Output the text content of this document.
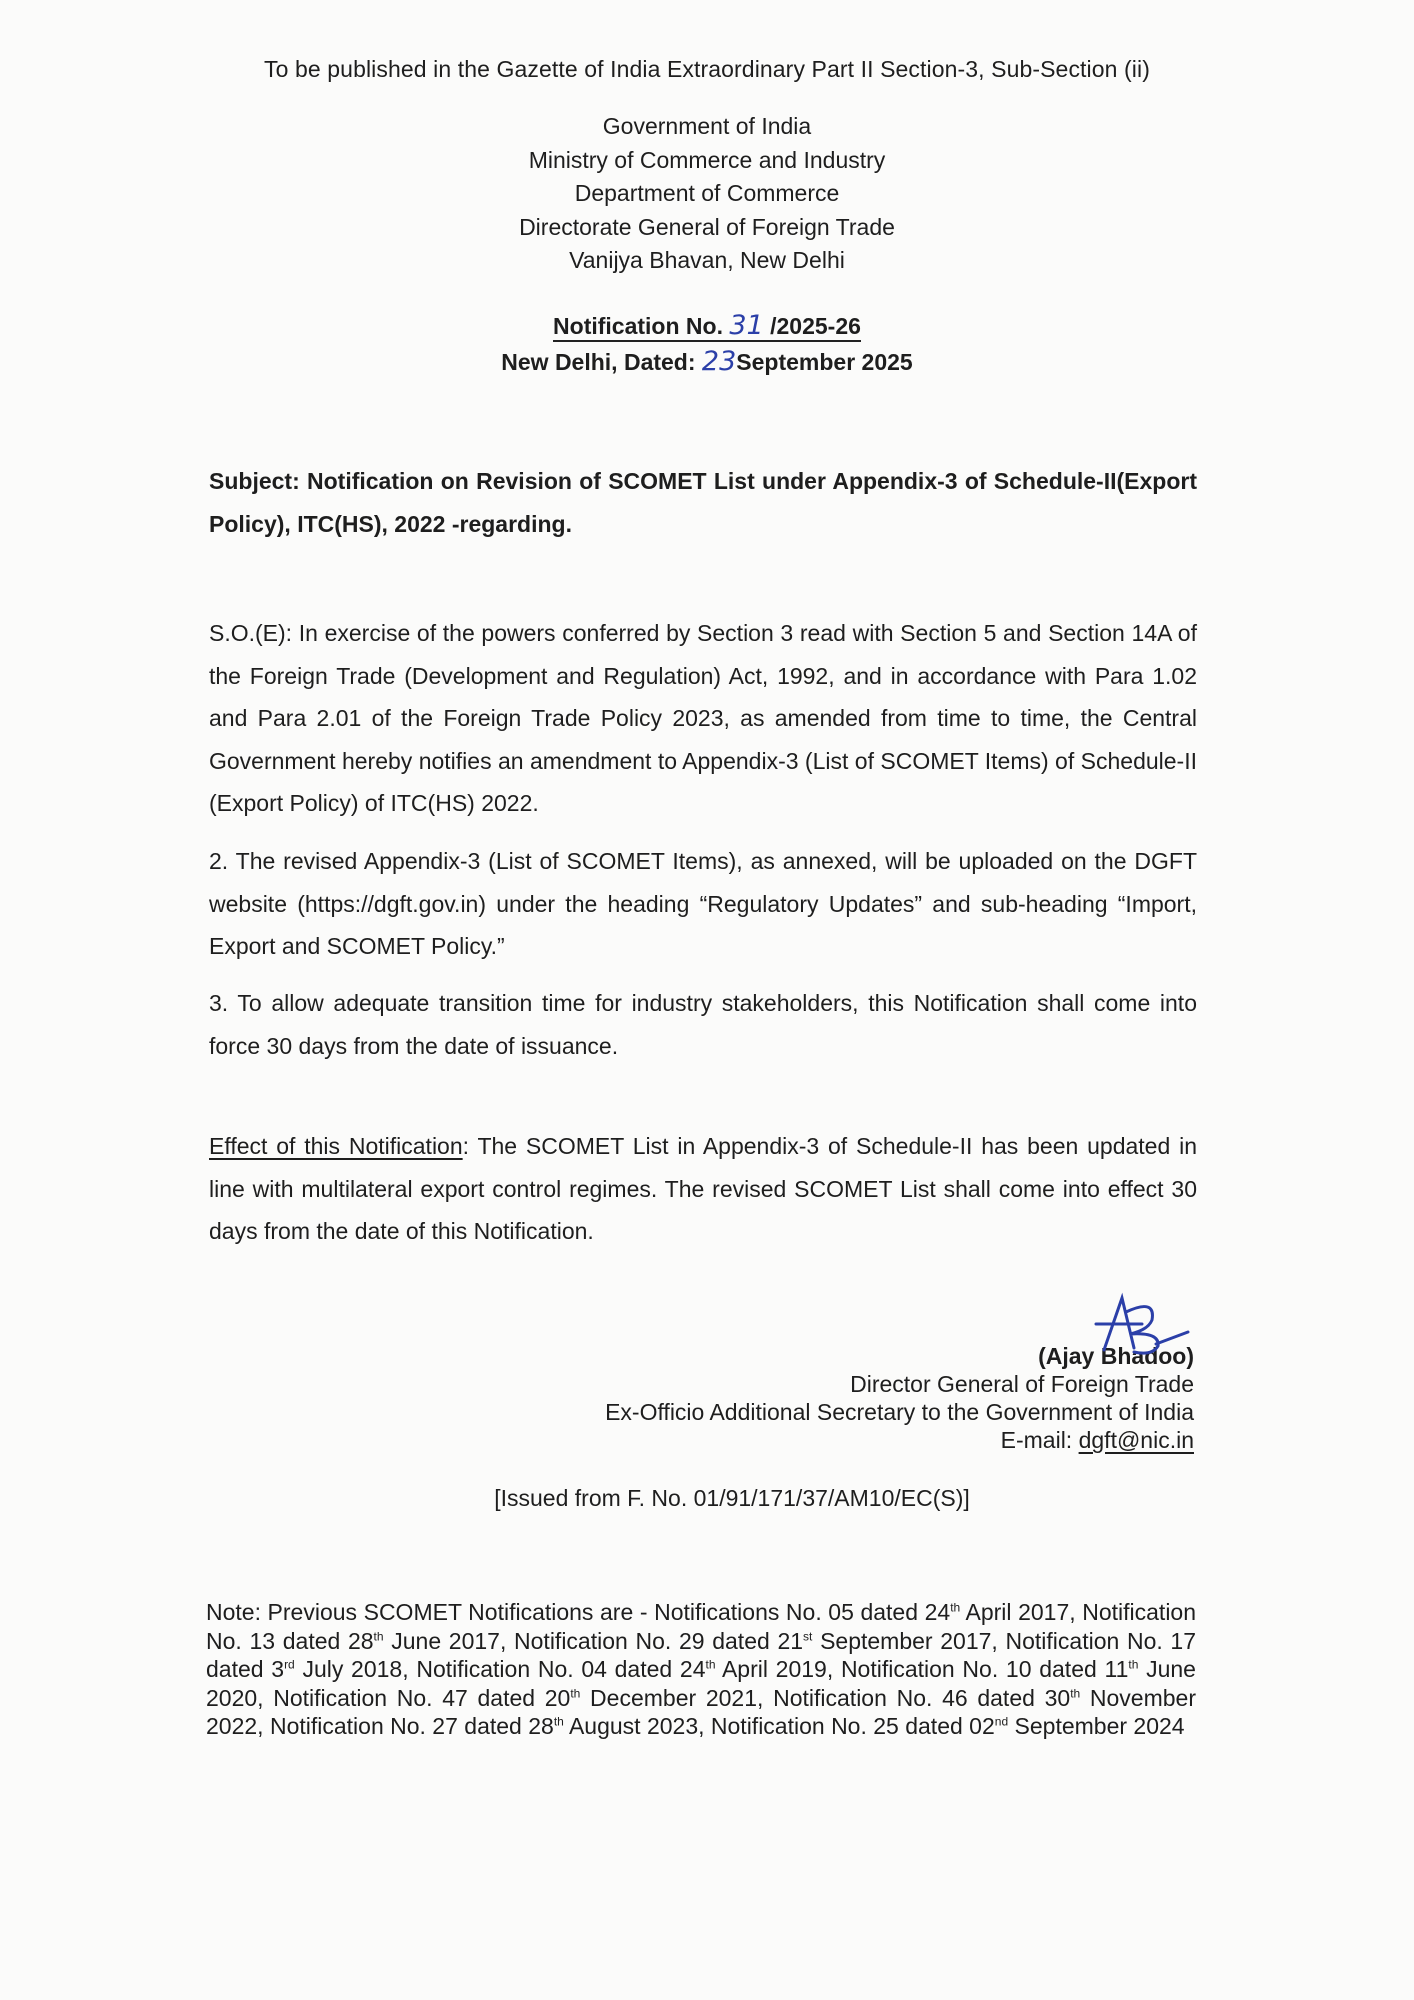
To be published in the Gazette of India Extraordinary Part II Section-3, Sub-Section (ii)
Government of India
Ministry of Commerce and Industry
Department of Commerce
Directorate General of Foreign Trade
Vanijya Bhavan, New Delhi
Notification No. 31 /2025-26
New Delhi, Dated: 23September 2025
Subject: Notification on Revision of SCOMET List under Appendix-3 of Schedule-II(Export Policy), ITC(HS), 2022 -regarding.
S.O.(E): In exercise of the powers conferred by Section 3 read with Section 5 and Section 14A of the Foreign Trade (Development and Regulation) Act, 1992, and in accordance with Para 1.02 and Para 2.01 of the Foreign Trade Policy 2023, as amended from time to time, the Central Government hereby notifies an amendment to Appendix-3 (List of SCOMET Items) of Schedule-II (Export Policy) of ITC(HS) 2022.
2. The revised Appendix-3 (List of SCOMET Items), as annexed, will be uploaded on the DGFT website (https://dgft.gov.in) under the heading “Regulatory Updates” and sub-heading “Import, Export and SCOMET Policy.”
3. To allow adequate transition time for industry stakeholders, this Notification shall come into force 30 days from the date of issuance.
Effect of this Notification: The SCOMET List in Appendix-3 of Schedule-II has been updated in line with multilateral export control regimes. The revised SCOMET List shall come into effect 30 days from the date of this Notification.
(Ajay Bhadoo)
Director General of Foreign Trade
Ex-Officio Additional Secretary to the Government of India
E-mail: dgft@nic.in
[Issued from F. No. 01/91/171/37/AM10/EC(S)]
Note: Previous SCOMET Notifications are - Notifications No. 05 dated 24th April 2017, Notification No. 13 dated 28th June 2017, Notification No. 29 dated 21st September 2017, Notification No. 17 dated 3rd July 2018, Notification No. 04 dated 24th April 2019, Notification No. 10 dated 11th June 2020, Notification No. 47 dated 20th December 2021, Notification No. 46 dated 30th November 2022, Notification No. 27 dated 28th August 2023, Notification No. 25 dated 02nd September 2024
